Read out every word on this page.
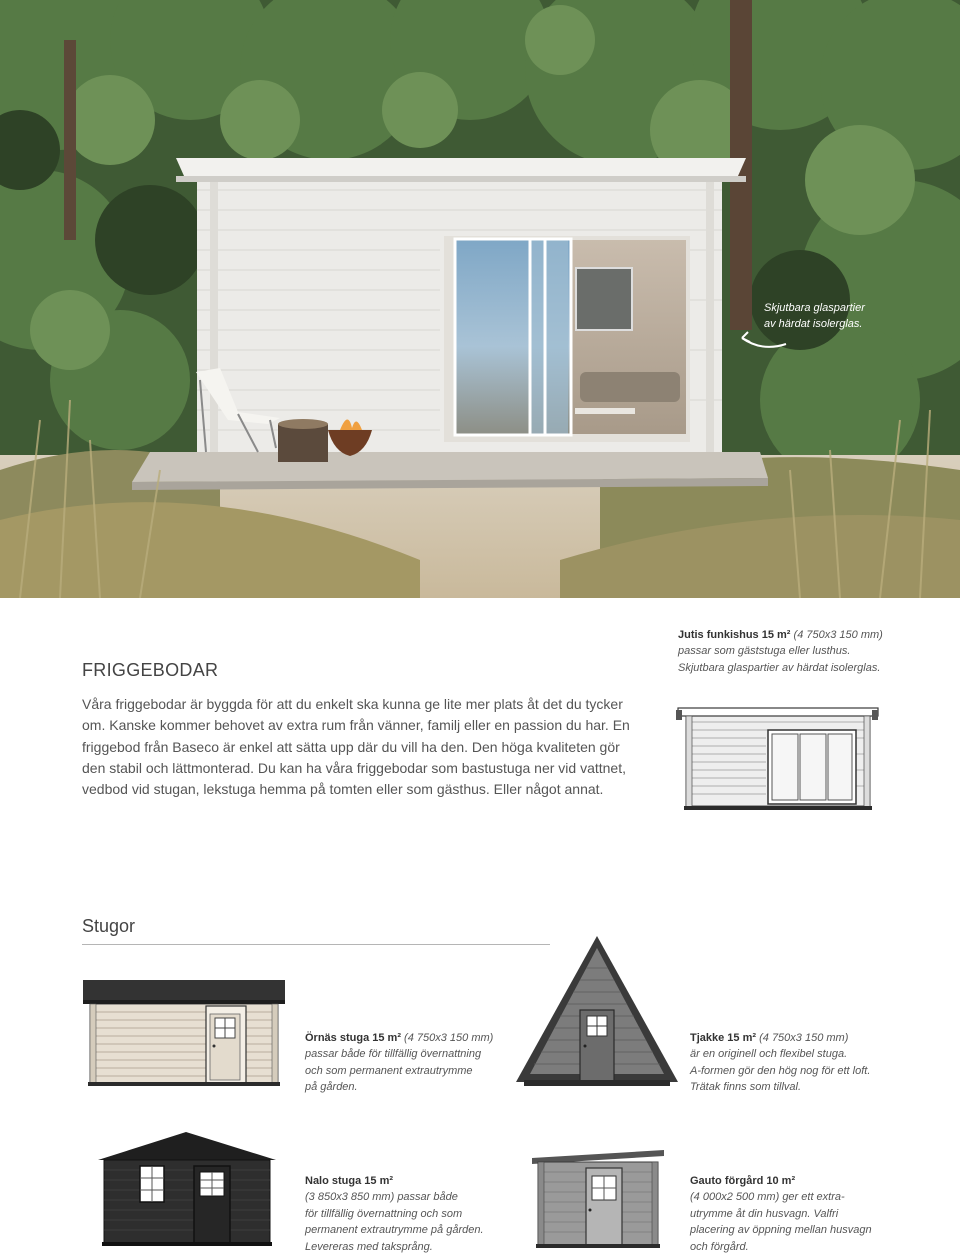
Skjutbara glaspartier
av härdat isolerglas.
FRIGGEBODAR

Våra friggebodar är byggda för att du enkelt ska kunna ge lite mer plats åt det du tycker om. Kanske kommer behovet av extra rum från vänner, familj eller en passion du har. En friggebod från Baseco är enkel att sätta upp där du vill ha den. Den höga kvaliteten gör den stabil och lättmonterad. Du kan ha våra friggebodar som bastustuga ner vid vattnet, vedbod vid stugan, lekstuga hemma på tomten eller som gästhus. Eller något annat.

Jutis funkishus 15 m² (4 750x3 150 mm)
passar som gäststuga eller lusthus.
Skjutbara glaspartier av härdat isolerglas.
Stugor
Örnäs stuga 15 m² (4 750x3 150 mm)
passar både för tillfällig övernattning
och som permanent extrautrymme
på gården.
Tjakke 15 m² (4 750x3 150 mm)
är en originell och flexibel stuga.
A-formen gör den hög nog för ett loft.
Trätak finns som tillval.
Nalo stuga 15 m²
(3 850x3 850 mm) passar både
för tillfällig övernattning och som
permanent extrautrymme på gården.
Levereras med taksprång.
Gauto förgård 10 m²
(4 000x2 500 mm) ger ett extra-
utrymme åt din husvagn. Valfri
placering av öppning mellan husvagn
och förgård.
